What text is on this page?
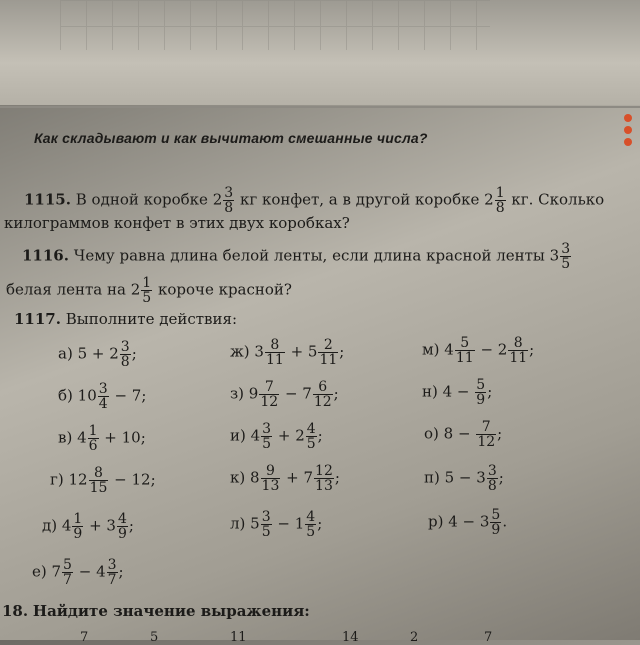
Как складывают и как вычитают смешанные числа?
1115. В одной коробке $2 \frac{3}{8}$ кг конфет, а в другой коробке $2 \frac{1}{8}$ кг. Сколько
килограммов конфет в этих двух коробках?
1116. Чему равна длина белой ленты, если длина красной ленты $3 \frac{3}{5}$
белая лента на $2 \frac{1}{5}$ короче красной?
1117. Выполните действия:
а) $5 + 2 \frac{3}{8}$ ;
б) $10 \frac{3}{4} - 7$;
в) $4 \frac{1}{6} + 10$;
г) $12 \frac{8}{15} - 12$;
д) $4 \frac{1}{9} + 3 \frac{4}{9}$ ;
е) $7 \frac{5}{7} - 4 \frac{3}{7}$ ;
ж) $3 \frac{8}{11} + 5 \frac{2}{11}$ ;
з) $9 \frac{7}{12} - 7 \frac{6}{12}$ ;
и) $4 \frac{3}{5} + 2 \frac{4}{5}$ ;
к) $8 \frac{9}{13} + 7 \frac{12}{13}$ ;
л) $5 \frac{3}{5} - 1 \frac{4}{5}$ ;
м) $4 \frac{5}{11} - 2 \frac{8}{11}$ ;
н) $4 - \frac{5}{9}$ ;
о) $8 - \frac{7}{12}$ ;
п) $5 - 3 \frac{3}{8}$ ;
р) $4 - 3 \frac{5}{9}$ .
18. Найдите значение выражения:
7	5	11	14	2	7
